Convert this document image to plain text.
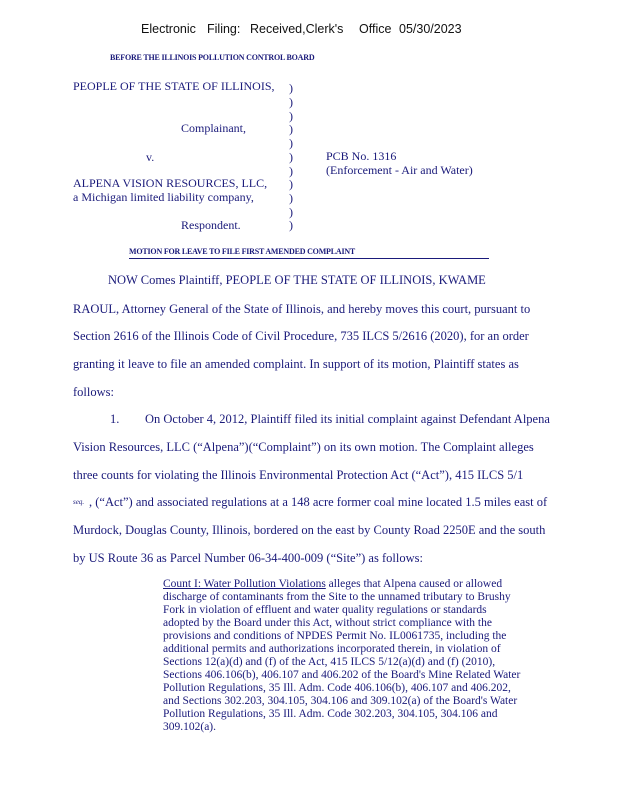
Electronic Filing: Received,Clerk's Office 05/30/2023
BEFORE THE ILLINOIS POLLUTION CONTROL BOARD
PEOPLE OF THE STATE OF ILLINOIS,
Complainant,
v.
ALPENA VISION RESOURCES, LLC,
a Michigan limited liability company,
Respondent.
)
)
)
)
)
)
)
)
)
)
)
PCB No. 1316
(Enforcement - Air and Water)
MOTION FOR LEAVE TO FILE FIRST AMENDED COMPLAINT
NOW Comes Plaintiff, PEOPLE OF THE STATE OF ILLINOIS, KWAME
RAOUL, Attorney General of the State of Illinois, and hereby moves this court, pursuant to
Section 2616 of the Illinois Code of Civil Procedure, 735 ILCS 5/2616 (2020), for an order
granting it leave to file an amended complaint. In support of its motion, Plaintiff states as
follows:
1. On October 4, 2012, Plaintiff filed its initial complaint against Defendant Alpena
Vision Resources, LLC (“Alpena”)(“Complaint”) on its own motion. The Complaint alleges
three counts for violating the Illinois Environmental Protection Act (“Act”), 415 ILCS 5/1
seq. , (“Act”) and associated regulations at a 148 acre former coal mine located 1.5 miles east of
Murdock, Douglas County, Illinois, bordered on the east by County Road 2250E and the south
by US Route 36 as Parcel Number 06-34-400-009 (“Site”) as follows:
Count I: Water Pollution Violations alleges that Alpena caused or allowed
discharge of contaminants from the Site to the unnamed tributary to Brushy
Fork in violation of effluent and water quality regulations or standards
adopted by the Board under this Act, without strict compliance with the
provisions and conditions of NPDES Permit No. IL0061735, including the
additional permits and authorizations incorporated therein, in violation of
Sections 12(a)(d) and (f) of the Act, 415 ILCS 5/12(a)(d) and (f) (2010),
Sections 406.106(b), 406.107 and 406.202 of the Board's Mine Related Water
Pollution Regulations, 35 Ill. Adm. Code 406.106(b), 406.107 and 406.202,
and Sections 302.203, 304.105, 304.106 and 309.102(a) of the Board's Water
Pollution Regulations, 35 Ill. Adm. Code 302.203, 304.105, 304.106 and
309.102(a).
